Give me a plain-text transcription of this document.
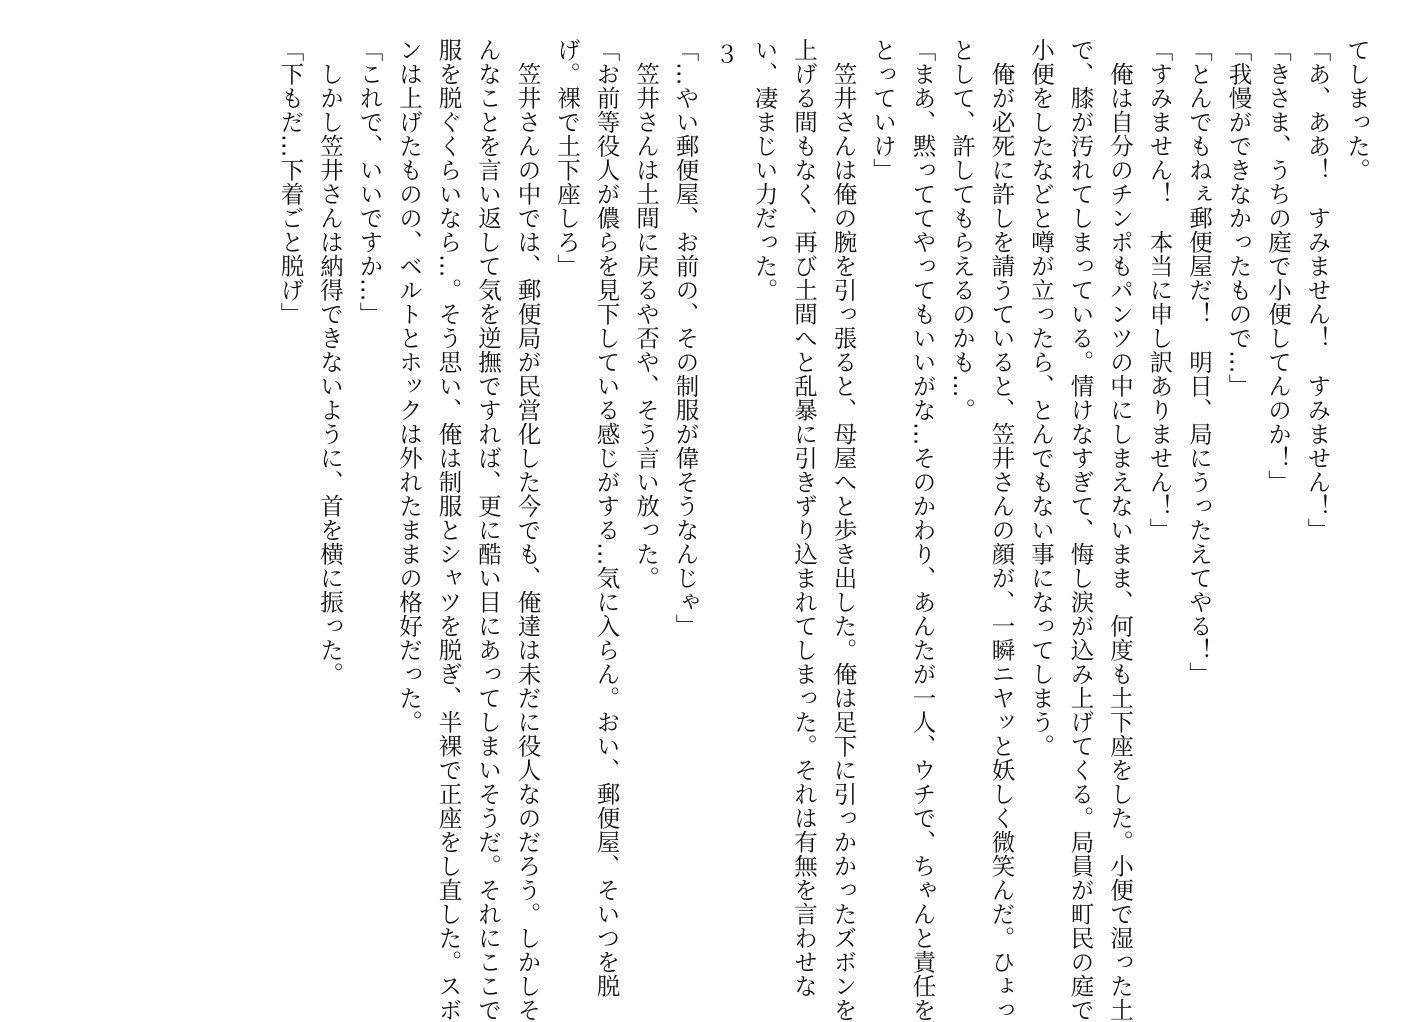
てしまった。
「あ、ああ！　すみません！　すみません！」
「きさま、うちの庭で小便してんのか！」
「我慢ができなかったもので…」
「とんでもねぇ郵便屋だ！　明日、局にうったえてやる！」
「すみません！　本当に申し訳ありません！」
　俺は自分のチンポもパンツの中にしまえないまま、何度も土下座をした。小便で湿った土
で、膝が汚れてしまっている。情けなすぎて、悔し涙が込み上げてくる。局員が町民の庭で
小便をしたなどと噂が立ったら、とんでもない事になってしまう。
　俺が必死に許しを請うていると、笠井さんの顔が、一瞬ニヤッと妖しく微笑んだ。ひょっ
として、許してもらえるのかも…。
「まあ、黙っててやってもいいがな…そのかわり、あんたが一人、ウチで、ちゃんと責任を
とっていけ」
　笠井さんは俺の腕を引っ張ると、母屋へと歩き出した。俺は足下に引っかかったズボンを
上げる間もなく、再び土間へと乱暴に引きずり込まれてしまった。それは有無を言わせな
い、凄まじい力だった。
３
「…やい郵便屋、お前の、その制服が偉そうなんじゃ」
　笠井さんは土間に戻るや否や、そう言い放った。
「お前等役人が儂らを見下している感じがする…気に入らん。おい、郵便屋、そいつを脱
げ。裸で土下座しろ」
　笠井さんの中では、郵便局が民営化した今でも、俺達は未だに役人なのだろう。しかしそ
んなことを言い返して気を逆撫ですれば、更に酷い目にあってしまいそうだ。それにここで
服を脱ぐくらいなら…。そう思い、俺は制服とシャツを脱ぎ、半裸で正座をし直した。スボ
ンは上げたものの、ベルトとホックは外れたままの格好だった。
「これで、いいですか…」
　しかし笠井さんは納得できないように、首を横に振った。
「下もだ…下着ごと脱げ」
